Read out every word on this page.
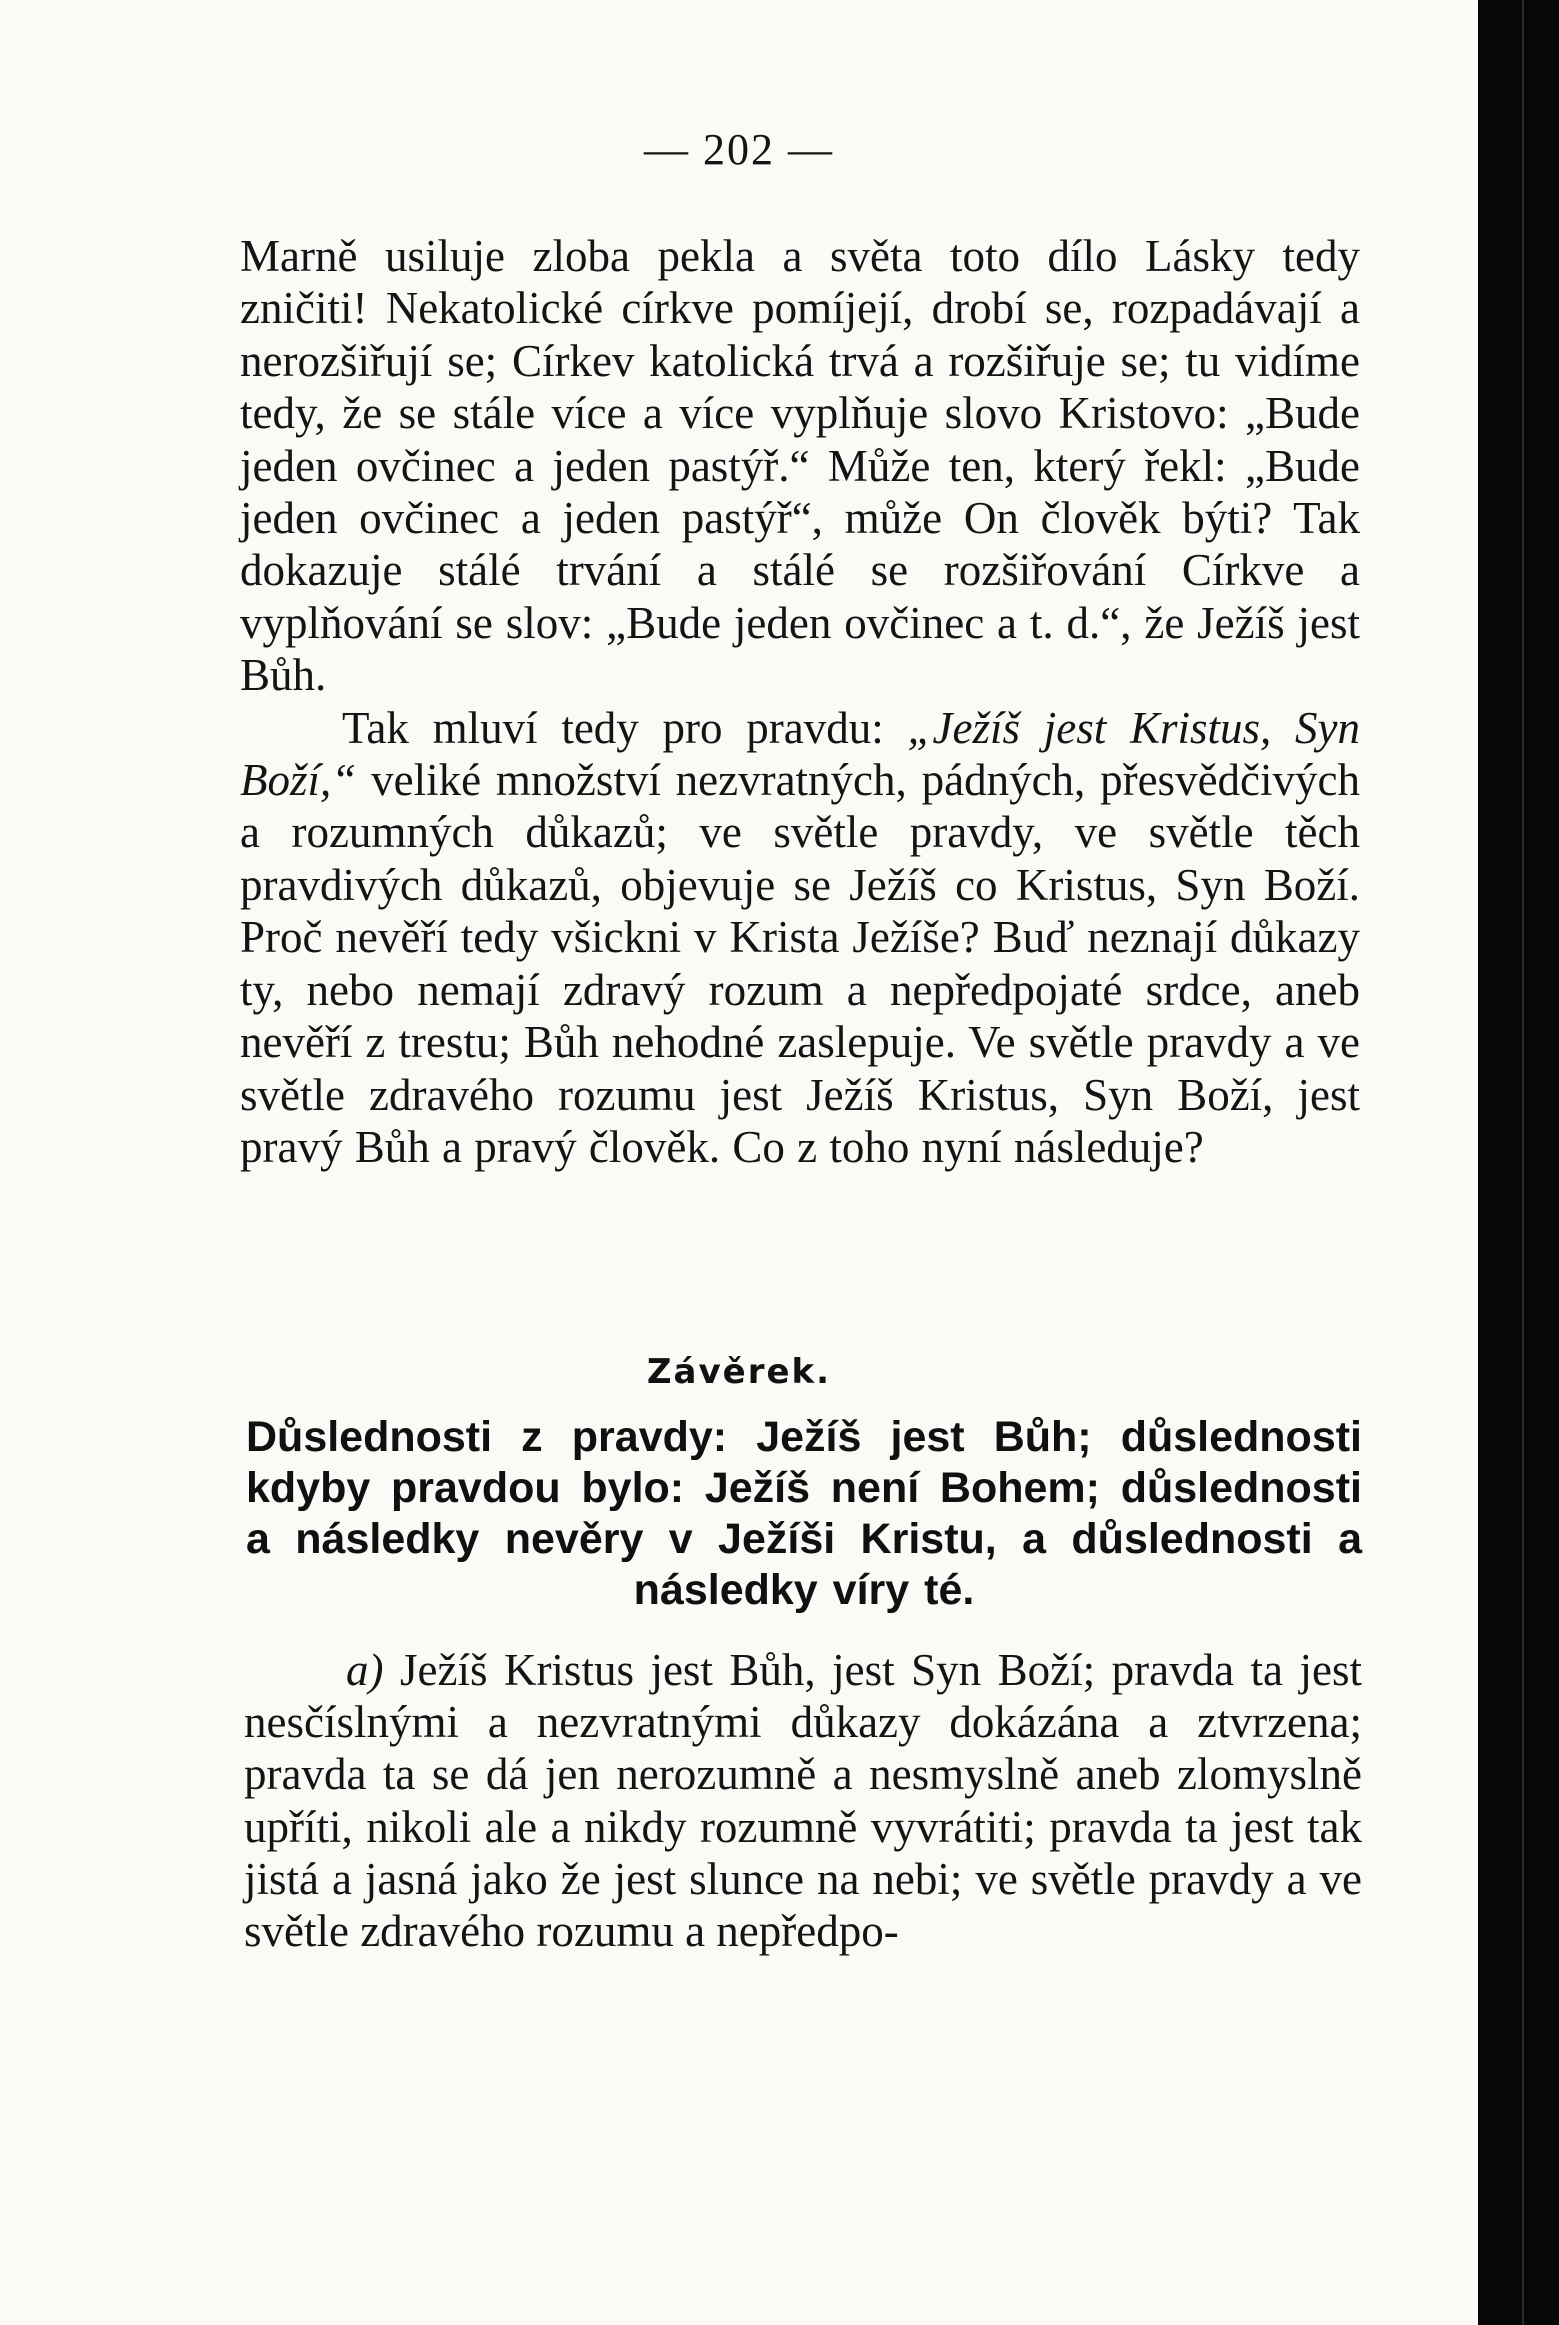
— 202 —

Marně usiluje zloba pekla a světa toto dílo Lásky tedy zničiti! Nekatolické církve pomíjejí, drobí se, rozpadávají a nerozšiřují se; Církev katolická trvá a rozšiřuje se; tu vidíme tedy, že se stále více a více vyplňuje slovo Kristovo: „Bude jeden ovčinec a jeden pastýř.“ Může ten, který řekl: „Bude jeden ovčinec a jeden pastýř“, může On člověk býti? Tak dokazuje stálé trvání a stálé se rozšiřování Církve a vyplňování se slov: „Bude jeden ovčinec a t. d.“, že Ježíš jest Bůh.

Tak mluví tedy pro pravdu: „Ježíš jest Kristus, Syn Boží,“ veliké množství nezvratných, pádných, přesvědčivých a rozumných důkazů; ve světle pravdy, ve světle těch pravdivých důkazů, objevuje se Ježíš co Kristus, Syn Boží. Proč nevěří tedy všickni v Krista Ježíše? Buď neznají důkazy ty, nebo nemají zdravý rozum a nepředpojaté srdce, aneb nevěří z trestu; Bůh nehodné zaslepuje. Ve světle pravdy a ve světle zdravého rozumu jest Ježíš Kristus, Syn Boží, jest pravý Bůh a pravý člověk. Co z toho nyní následuje?

Závěrek.
Důslednosti z pravdy: Ježíš jest Bůh; důslednosti kdyby pravdou bylo: Ježíš není Bohem; důslednosti a následky nevěry v Ježíši Kristu, a důslednosti a následky víry té.

a) Ježíš Kristus jest Bůh, jest Syn Boží; pravda ta jest nesčíslnými a nezvratnými důkazy dokázána a ztvrzena; pravda ta se dá jen nerozumně a nesmyslně aneb zlomyslně upříti, nikoli ale a nikdy rozumně vyvrátiti; pravda ta jest tak jistá a jasná jako že jest slunce na nebi; ve světle pravdy a ve světle zdravého rozumu a nepředpo-
